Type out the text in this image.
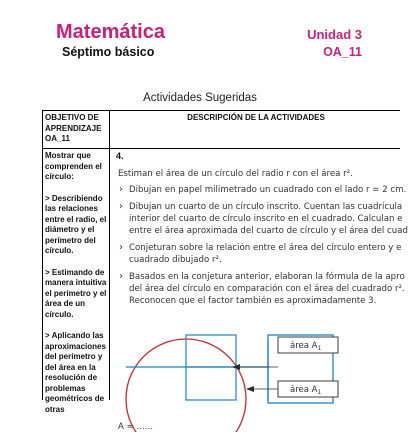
Matemática	Unidad 3
Séptimo básico	OA_11
Actividades Sugeridas
OBJETIVO DE APRENDIZAJE OA_11
DESCRIPCIÓN DE LA ACTIVIDADES

Mostrar que comprenden el círculo:

> Describiendo las relaciones entre el radio, el diámetro y el perímetro del círculo.

> Estimando de manera intuitiva el perímetro y el área de un círculo.

> Aplicando las aproximaciones del perímetro y del área en la resolución de problemas geométricos de otras

4.
Estiman el área de un círculo del radio r con el área r².
› Dibujan en papel milimetrado un cuadrado con el lado r = 2 cm.
› Dibujan un cuarto de un círculo inscrito. Cuentan las cuadrícula
interior del cuarto de círculo inscrito en el cuadrado. Calculan e
entre el área aproximada del cuarto de círculo y el área del cuad
› Conjeturan sobre la relación entre el área del círculo entero y e
cuadrado dibujado r².
› Basados en la conjetura anterior, elaboran la fórmula de la apro
del área del círculo en comparación con el área del cuadrado r².
Reconocen que el factor también es aproximadamente 3.
A ≈ ......
área $A_1$
área $A_1$
